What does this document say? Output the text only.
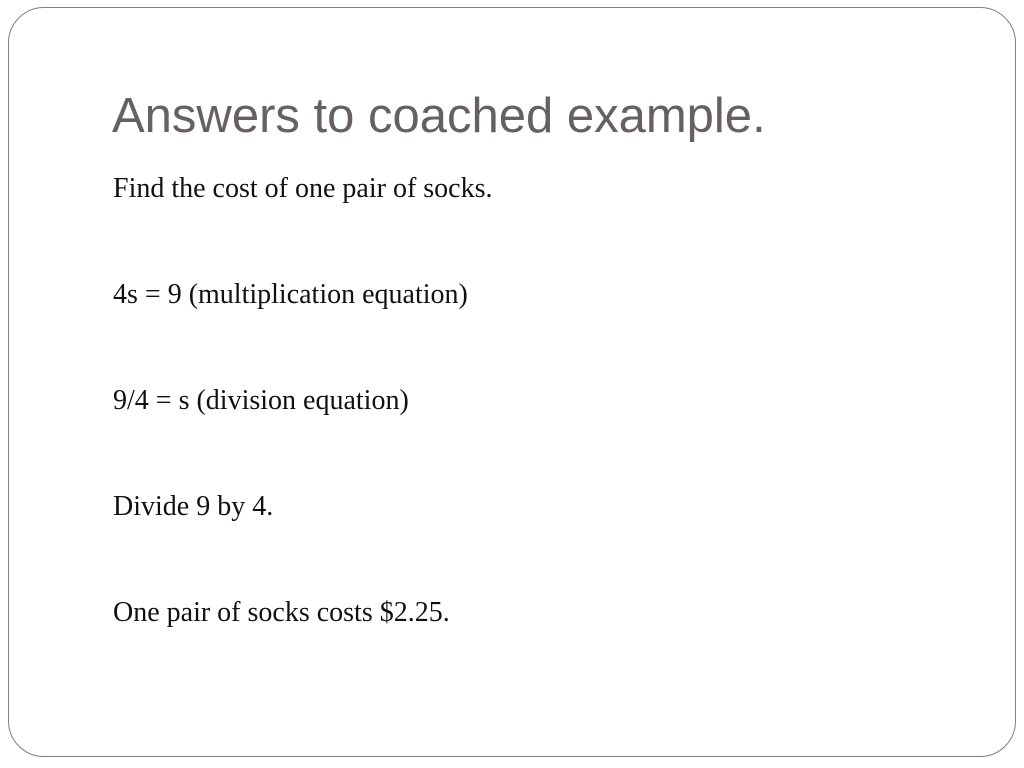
Answers to coached example.

Find the cost of one pair of socks.

4s = 9 (multiplication equation)

9/4 = s (division equation)

Divide 9 by 4.

One pair of socks costs $2.25.
